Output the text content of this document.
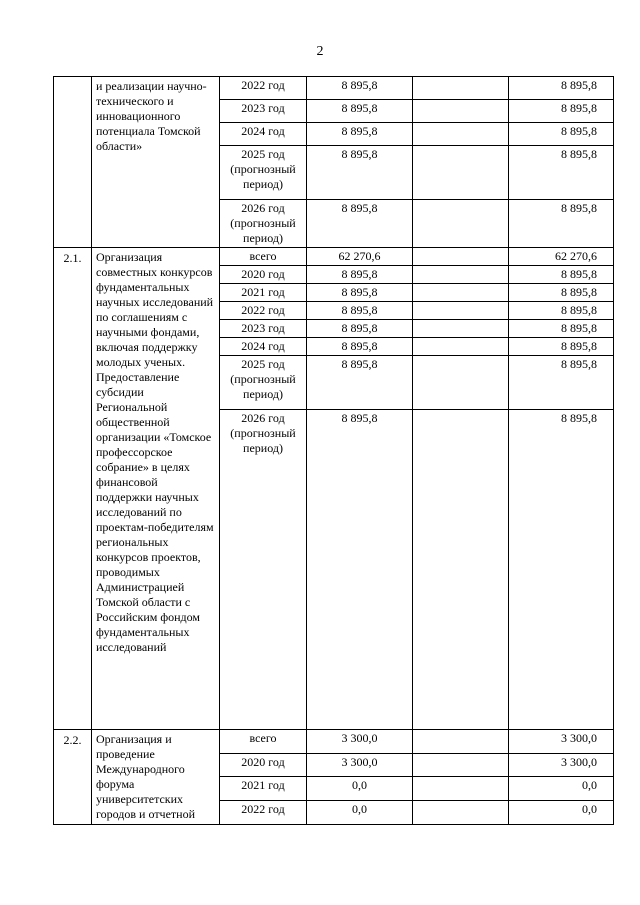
2
	и реализации научно-технического и инновационного потенциала Томской области»	2022 год	8 895,8		8 895,8
		2023 год	8 895,8		8 895,8
		2024 год	8 895,8		8 895,8
		2025 год (прогнозный период)	8 895,8		8 895,8
		2026 год (прогнозный период)	8 895,8		8 895,8
2.1.	Организация совместных конкурсов фундаментальных научных исследований по соглашениям с научными фондами, включая поддержку молодых ученых. Предоставление субсидии Региональной общественной организации «Томское профессорское собрание» в целях финансовой поддержки научных исследований по проектам-победителям региональных конкурсов проектов, проводимых Администрацией Томской области с Российским фондом фундаментальных исследований	всего	62 270,6		62 270,6
		2020 год	8 895,8		8 895,8
		2021 год	8 895,8		8 895,8
		2022 год	8 895,8		8 895,8
		2023 год	8 895,8		8 895,8
		2024 год	8 895,8		8 895,8
		2025 год (прогнозный период)	8 895,8		8 895,8
		2026 год (прогнозный период)	8 895,8		8 895,8
2.2.	Организация и проведение Международного форума университетских городов и отчетной	всего	3 300,0		3 300,0
		2020 год	3 300,0		3 300,0
		2021 год	0,0		0,0
		2022 год	0,0		0,0
